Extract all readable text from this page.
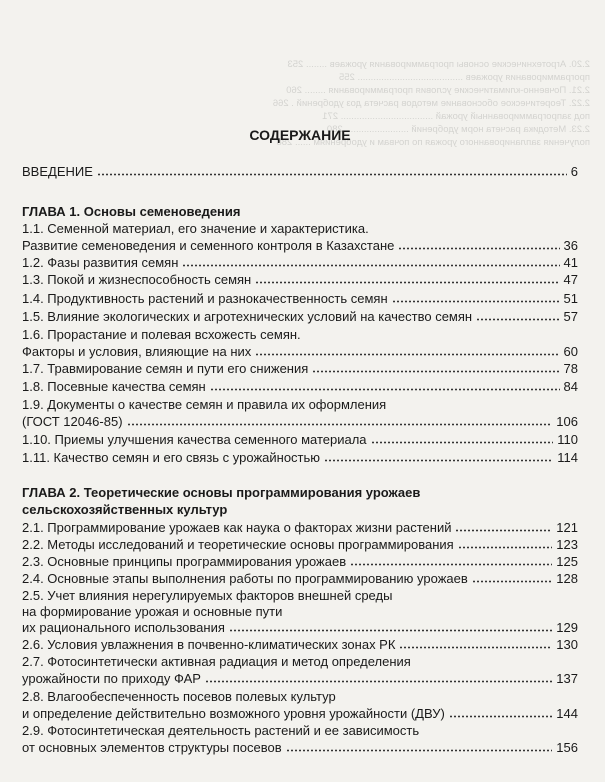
2.20. Агротехнические основы программирования урожаев ........ 253
программирования урожаев ........................................ 255
2.21. Почвенно-климатические условия программирования ........ 260
2.22. Теоретическое обоснование методов расчета доз удобрений . 266
под запрограммированный урожай ................................... 271
2.23. Методика расчета норм удобрений ........................ 280
получения запланированного урожая по почвам и удобрениям ...... 288
СОДЕРЖАНИЕ
ВВЕДЕНИЕ	6
ГЛАВА 1. Основы семеноведения
1.1. Семенной материал, его значение и характеристика.
Развитие семеноведения и семенного контроля в Казахстане	36
1.2. Фазы развития семян	41
1.3. Покой и жизнеспособность семян	47
1.4. Продуктивность растений и разнокачественность семян	51
1.5. Влияние экологических и агротехнических условий на качество семян	57
1.6. Прорастание и полевая всхожесть семян.
Факторы и условия, влияющие на них	60
1.7. Травмирование семян и пути его снижения	78
1.8. Посевные качества семян	84
1.9. Документы о качестве семян и правила их оформления
(ГОСТ 12046-85)	106
1.10. Приемы улучшения качества семенного материала	110
1.11. Качество семян и его связь с урожайностью	114
ГЛАВА 2. Теоретические основы программирования урожаев
сельскохозяйственных культур
2.1. Программирование урожаев как наука о факторах жизни растений	121
2.2. Методы исследований и теоретические основы программирования	123
2.3. Основные принципы программирования урожаев	125
2.4. Основные этапы выполнения работы по программированию урожаев	128
2.5. Учет влияния нерегулируемых факторов внешней среды
на формирование урожая и основные пути
их рационального использования	129
2.6. Условия увлажнения в почвенно-климатических зонах РК	130
2.7. Фотосинтетически активная радиация и метод определения
урожайности по приходу ФАР	137
2.8. Влагообеспеченность посевов полевых культур
и определение действительно возможного уровня урожайности (ДВУ)	144
2.9. Фотосинтетическая деятельность растений и ее зависимость
от основных элементов структуры посевов	156
